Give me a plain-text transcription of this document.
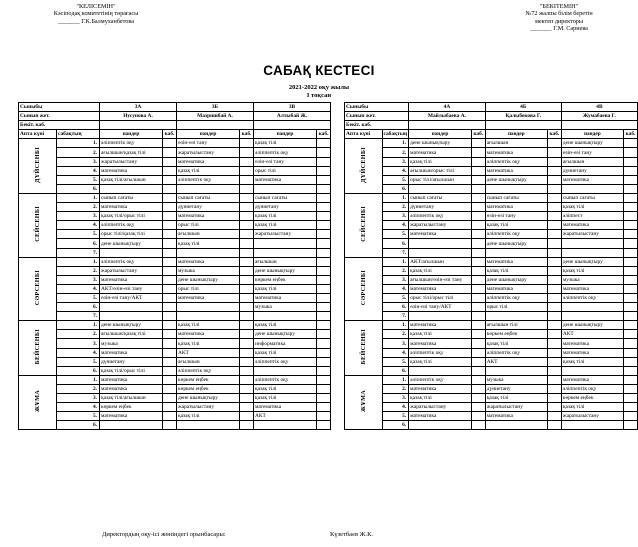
"КЕЛІСЕМІН"
Кәсіподақ комитетінің төрағасы
_______ Г.К.Балмуханбетова
"БЕКІТЕМІН"
№72 жалпы білім беретін
мектеп директоры
_______ Г.М. Сариева
САБАҚ КЕСТЕСІ
2021-2022 оқу жылы
І тоқсан
Сыныбы		3А		3Б		3В	
Сынып жет.		Нусупова А.		Мазршибай А.		Алтыбай Ж.	
Бекіт. каб.							
Апта күні	сабақтың	пәндер	каб.	пәндер	каб.	пәндер	каб.
ДҮЙСЕНБІ	1.	әліппептік оқу		өзін-өзі тану		қазақ тілі	
	2.	ағылшын/қазақ тілі		жаратылыстану		әліппептік оқу	
	3.	жаратылыстану		математика		өзін-өзі тану	
	4.	математика		қазақ тілі		орыс тілі	
	5.	қазақ тілі/ағылшын		әліппептік оқу		математика	
	6.						
СЕЙСЕНБІ	1.	сынып сағаты		сынып сағаты		сынып сағаты	
	2.	математика		дүниетану		дүниетану	
	3.	қазақ тілі/орыс тілі		математика		қазақ тілі	
	4.	әліппептік оқу		орыс тілі		қазақ тілі	
	5.	орыс тілі/қазақ тілі		ағылшын		жаратылыстану	
	6.	дене шынықтыру		қазақ тілі			
	7.						
СӘРСЕНБІ	1.	әліппептік оқу		математика		ағылшын	
	2.	жаратылыстану		музыка		дене шынықтыру	
	3.	математика		дене шынықтыру		көркем еңбек	
	4.	АКТ/өзін-өзі тану		орыс тілі		қазақ тілі	
	5.	өзін-өзі тану/АКТ		математика		математика	
	6.					музыка	
	7.						
БЕЙСЕНБІ	1.	дене шынықтыру		қазақ тілі		қазақ тілі	
	2.	ағылшын/қазақ тілі		математика		дене шынықтыру	
	3.	музыка		қазақ тілі		информатика	
	4.	математика		АКТ		қазақ тілі	
	5.	дүниетану		ағылшын		әліппептік оқу	
	6.	қазақ тілі/орыс тілі		әліппептік оқу			
ЖҰМА	1.	математика		көркем еңбек		әліппептік оқу	
	2.	математика		көркем еңбек		қазақ тілі	
	3.	қазақ тілі/ағылшын		дене шынықтыру		қазақ тілі	
	4.	көркем еңбек		жаратылыстану		математика	
	5.	математика		қазақ тілі		АКТ	
	6.						
Сыныбы		4А		4Б		4В	
Сынып жет.		Майлыбаева А.		Қалыбекова Г.		Жумабаева Г.	
Бекіт. каб.							
Апта күні	сабақтың	пәндер	каб.	пәндер	каб.	пәндер	каб.
ДҮЙСЕНБІ	1.	дене шынықтыру		ағылшын		дене шынықтыру	
	2.	математика		математика		өзін-өзі тану	
	3.	қазақ тілі		әліппептік оқу		ағылшын	
	4.	ағылшын/орыс тілі		математика		дүниетану	
	5.	орыс тілі/ағылшын		дене шынықтыру		математика	
	6.						
СЕЙСЕНБІ	1.	сынып сағаты		сынып сағаты		сынып сағаты	
	2.	дүниетану		математика		қазақ тілі	
	3.	әліппептік оқу		өзін-өзі тану		әліппест	
	4.	жаратылыстану		қазақ тілі		математика	
	5.	математика		әліппептік оқу		жаратылыстану	
	6.			дене шынықтыру			
	7.						
СӘРСЕНБІ	1.	АКТ/ағылшын		математика		дене шынықтыру	
	2.	қазақ тілі		қазақ тілі		қазақ тілі	
	3.	ағылшын/өзін-өзі тану		дене шынықтыру		музыка	
	4.	математика		математика		математика	
	5.	орыс тілі/орыс тілі		әліппептік оқу		әліппептік оқу	
	6.	өзін-өзі тану/АКТ		орыс тілі			
	7.						
БЕЙСЕНБІ	1.	математика		ағылшын тілі		дене шынықтыру	
	2.	қазақ тілі		көркем еңбек		АКТ	
	3.	математика		қазақ тілі		математика	
	4.	әліппептік оқу		әліппептік оқу		математика	
	5.	қазақ тілі		АКТ		қазақ тілі	
	6.						
ЖҰМА	1.	әліппептік оқу		музыка		математика	
	2.	математика		дүниетану		әліппептік оқу	
	3.	қазақ тілі		қазақ тілі		көркем еңбек	
	4.	жаратылыстану		жаратылыстану		қазақ тілі	
	5.	математика		математика		жаратылыстану	
	6.						
Директордың оқу-ісі жөніндегі орынбасары:	Күзетбаев Ж.К.
